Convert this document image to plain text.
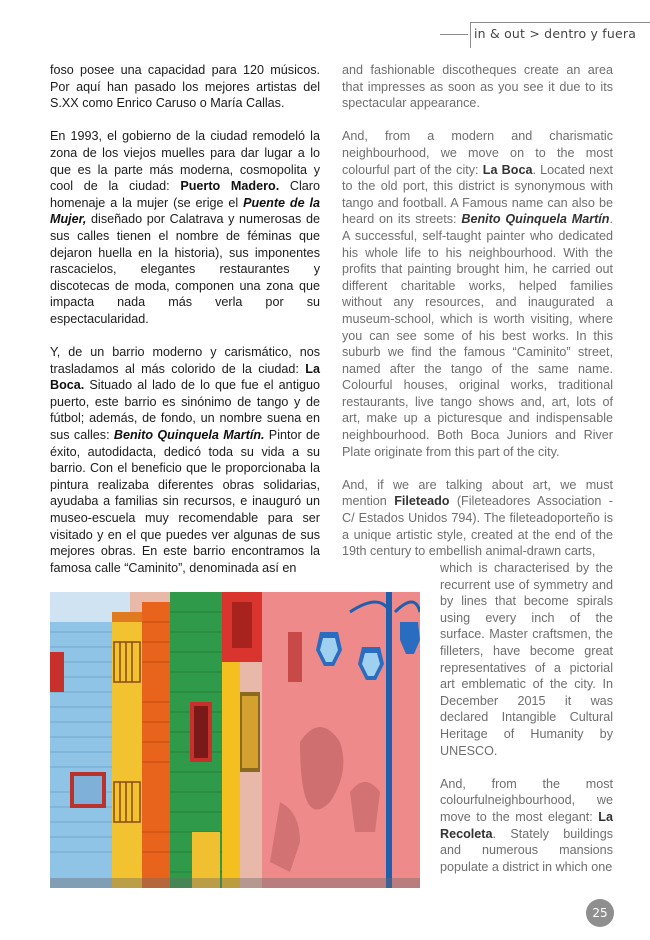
in & out > dentro y fuera

foso posee una capacidad para 120 músicos. Por aquí han pasado los mejores artistas del S.XX como Enrico Caruso o María Callas.

En 1993, el gobierno de la ciudad remodeló la zona de los viejos muelles para dar lugar a lo que es la parte más moderna, cosmopolita y cool de la ciudad: Puerto Madero. Claro homenaje a la mujer (se erige el Puente de la Mujer, diseñado por Calatrava y numerosas de sus calles tienen el nombre de féminas que dejaron huella en la historia), sus imponentes rascacielos, elegantes restaurantes y discotecas de moda, componen una zona que impacta nada más verla por su espectacularidad.

Y, de un barrio moderno y carismático, nos trasladamos al más colorido de la ciudad: La Boca. Situado al lado de lo que fue el antiguo puerto, este barrio es sinónimo de tango y de fútbol; además, de fondo, un nombre suena en sus calles: Benito Quinquela Martín. Pintor de éxito, autodidacta, dedicó toda su vida a su barrio. Con el beneficio que le proporcionaba la pintura realizaba diferentes obras solidarias, ayudaba a familias sin recursos, e inauguró un museo-escuela muy recomendable para ser visitado y en el que puedes ver algunas de sus mejores obras. En este barrio encontramos la famosa calle “Caminito”, denominada así en

and fashionable discotheques create an area that impresses as soon as you see it due to its spectacular appearance.

And, from a modern and charismatic neighbourhood, we move on to the most colourful part of the city: La Boca. Located next to the old port, this district is synonymous with tango and football. A Famous name can also be heard on its streets: Benito Quinquela Martín. A successful, self-taught painter who dedicated his whole life to his neighbourhood. With the profits that painting brought him, he carried out different charitable works, helped families without any resources, and inaugurated a museum-school, which is worth visiting, where you can see some of his best works. In this suburb we find the famous “Caminito” street, named after the tango of the same name. Colourful houses, original works, traditional restaurants, live tango shows and, art, lots of art, make up a picturesque and indispensable neighbourhood. Both Boca Juniors and River Plate originate from this part of the city.

And, if we are talking about art, we must mention Fileteado (Fileteadores Association - C/ Estados Unidos 794). The fileteadoporteño is a unique artistic style, created at the end of the 19th century to embellish animal-drawn carts,

which is characterised by the recurrent use of symmetry and by lines that become spirals using every inch of the surface. Master craftsmen, the filleters, have become great representatives of a pictorial art emblematic of the city. In December 2015 it was declared Intangible Cultural Heritage of Humanity by UNESCO.

And, from the most colourfulneighbourhood, we move to the most elegant: La Recoleta. Stately buildings and numerous mansions populate a district in which one

25
